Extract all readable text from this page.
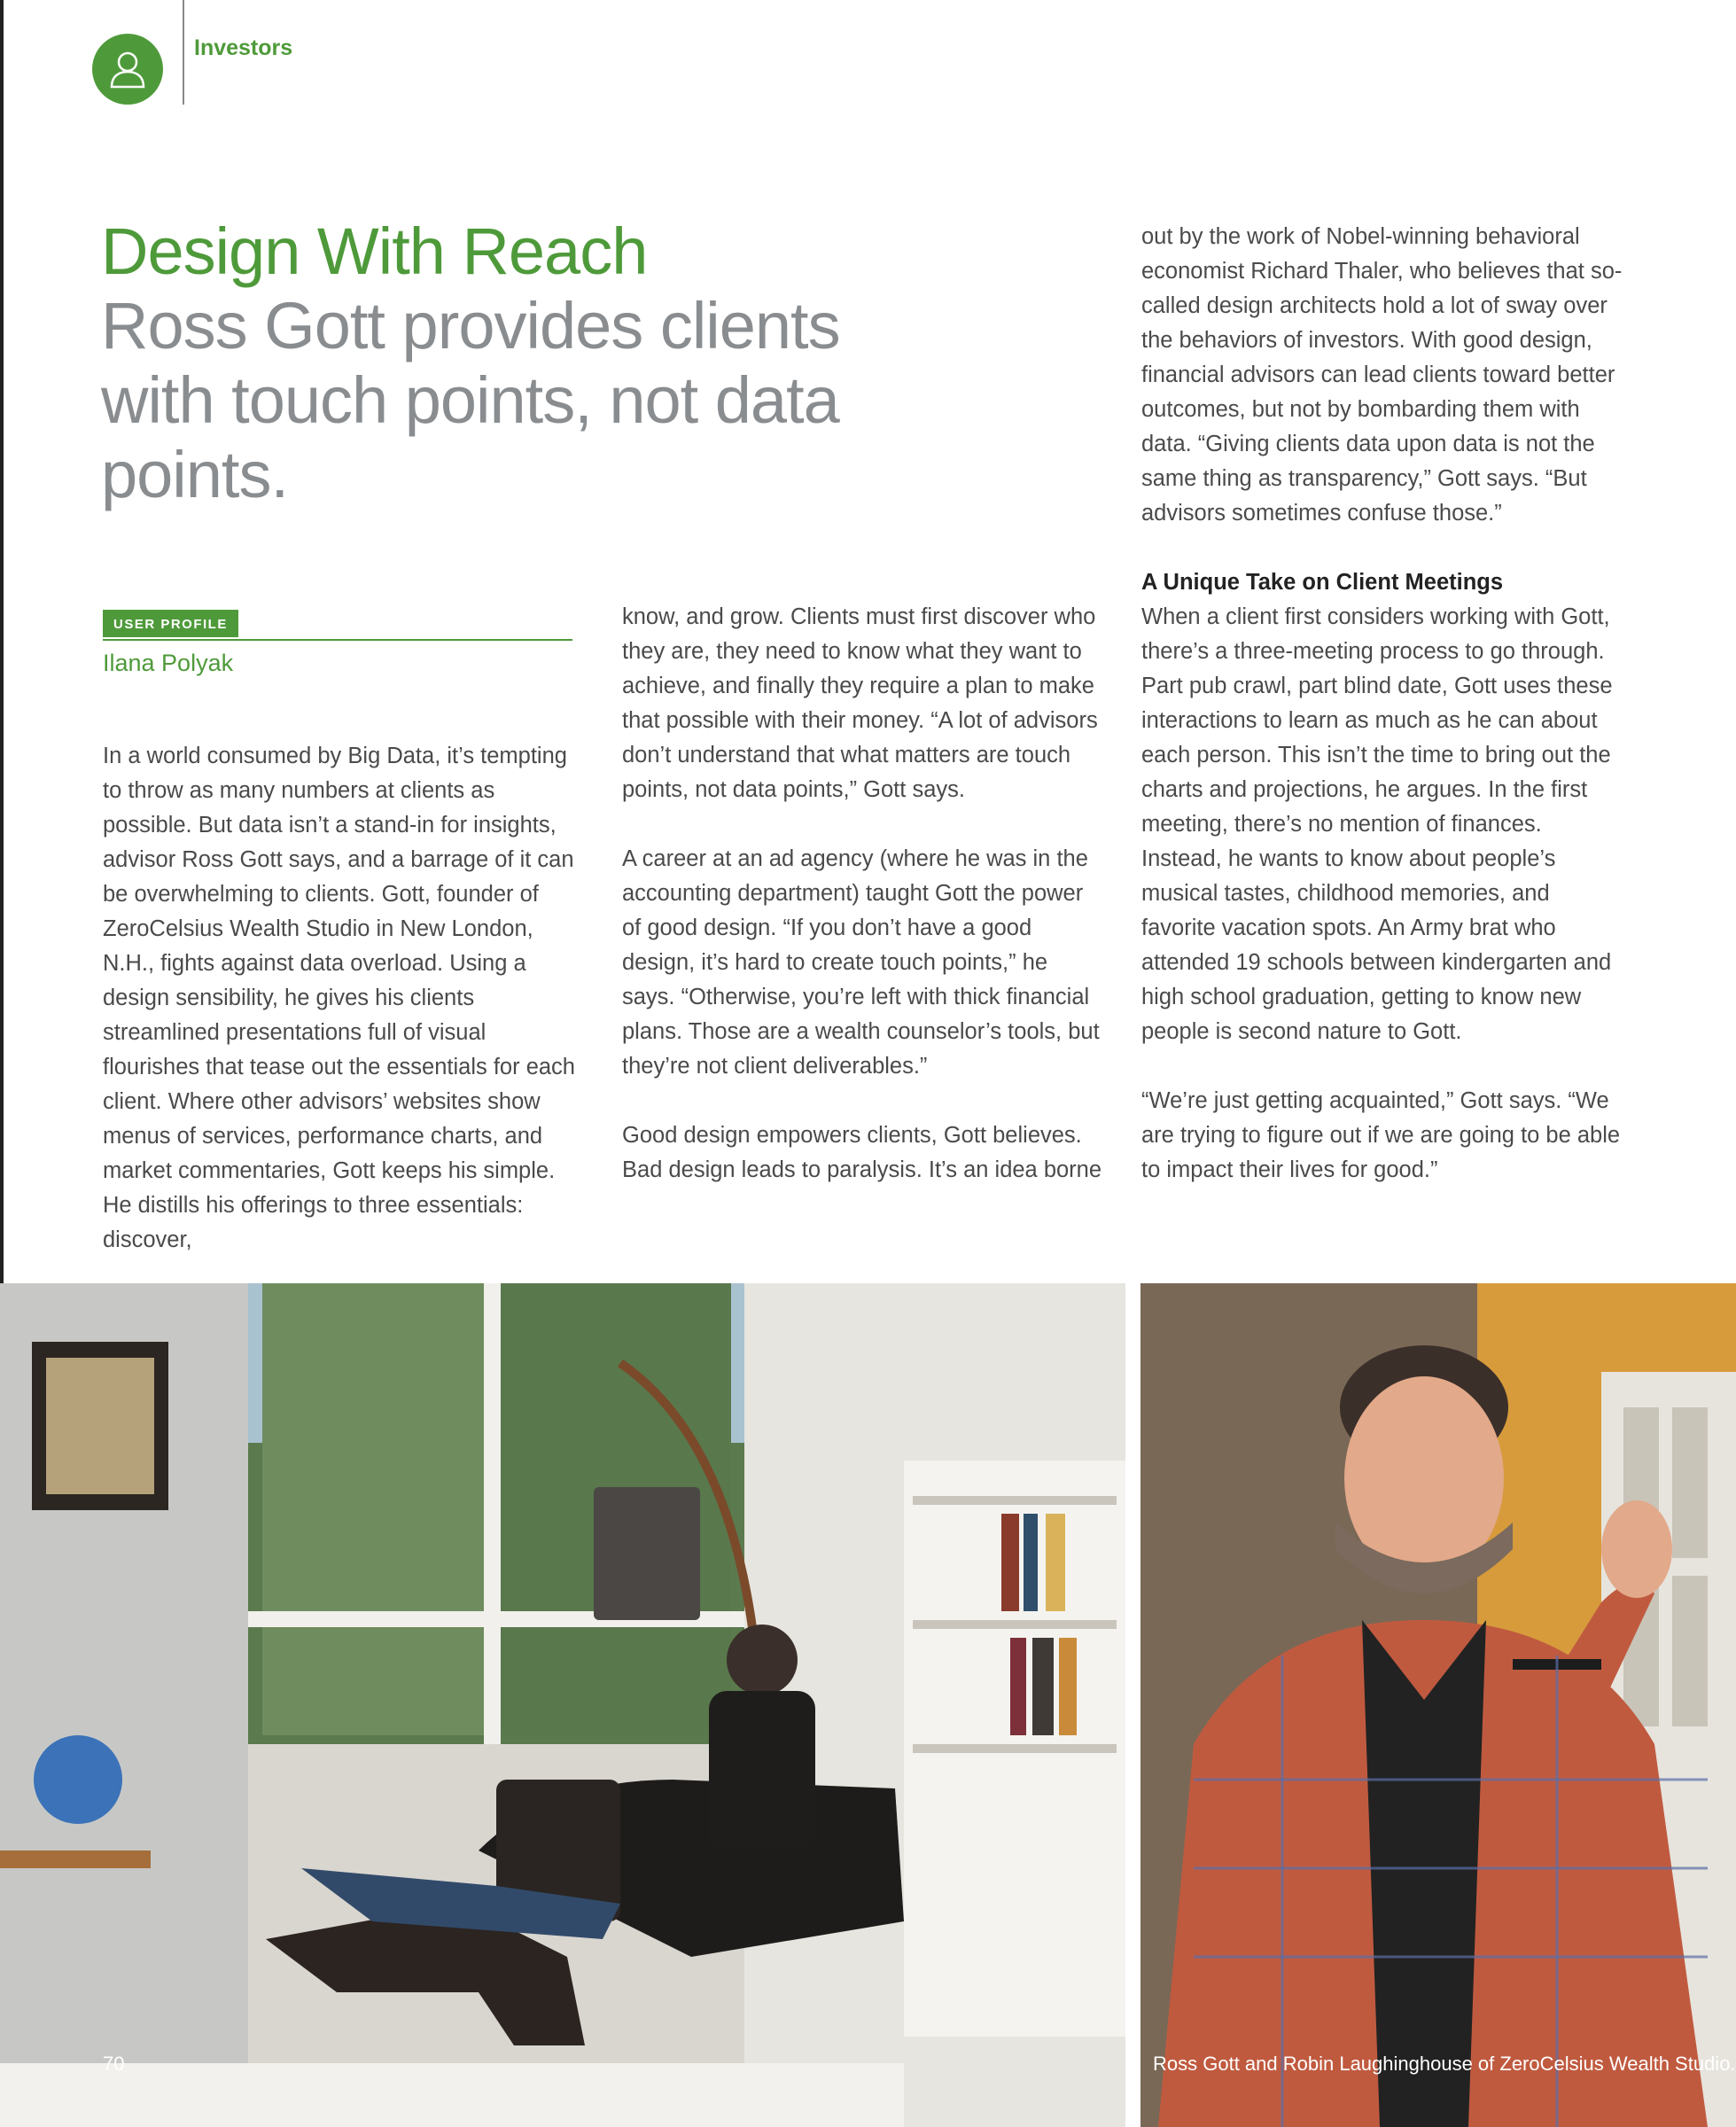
Investors
Design With Reach
Ross Gott provides clients with touch points, not data points.
USER PROFILE
Ilana Polyak

In a world consumed by Big Data, it’s tempting to throw as many numbers at clients as possible. But data isn’t a stand-in for insights, advisor Ross Gott says, and a barrage of it can be overwhelming to clients. Gott, founder of ZeroCelsius Wealth Studio in New London, N.H., fights against data overload. Using a design sensibility, he gives his clients streamlined presentations full of visual flourishes that tease out the essentials for each client. Where other advisors’ websites show menus of services, performance charts, and market commentaries, Gott keeps his simple. He distills his offerings to three essentials: discover,

know, and grow. Clients must first discover who they are, they need to know what they want to achieve, and finally they require a plan to make that possible with their money. “A lot of advisors don’t understand that what matters are touch points, not data points,” Gott says.

A career at an ad agency (where he was in the accounting department) taught Gott the power of good design. “If you don’t have a good design, it’s hard to create touch points,” he says. “Otherwise, you’re left with thick financial plans. Those are a wealth counselor’s tools, but they’re not client deliverables.”

Good design empowers clients, Gott believes. Bad design leads to paralysis. It’s an idea borne

out by the work of Nobel-winning behavioral economist Richard Thaler, who believes that so-called design architects hold a lot of sway over the behaviors of investors. With good design, financial advisors can lead clients toward better outcomes, but not by bombarding them with data. “Giving clients data upon data is not the same thing as transparency,” Gott says. “But advisors sometimes confuse those.”

A Unique Take on Client Meetings

When a client first considers working with Gott, there’s a three-meeting process to go through. Part pub crawl, part blind date, Gott uses these interactions to learn as much as he can about each person. This isn’t the time to bring out the charts and projections, he argues. In the first meeting, there’s no mention of finances. Instead, he wants to know about people’s musical tastes, childhood memories, and favorite vacation spots. An Army brat who attended 19 schools between kindergarten and high school graduation, getting to know new people is second nature to Gott.

“We’re just getting acquainted,” Gott says. “We are trying to figure out if we are going to be able to impact their lives for good.”

70	Ross Gott and Robin Laughinghouse of ZeroCelsius Wealth Studio.
